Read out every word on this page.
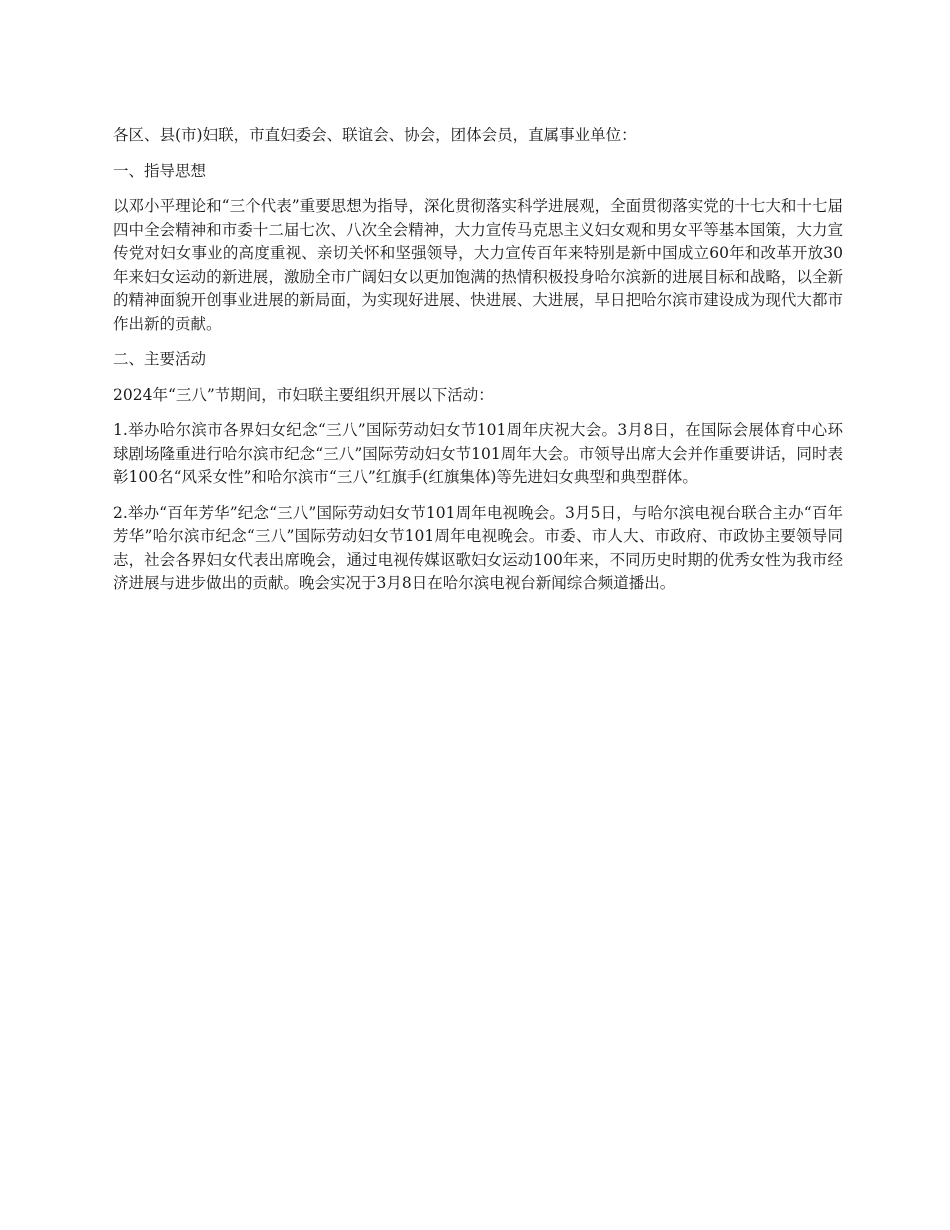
各区、县(市)妇联，市直妇委会、联谊会、协会，团体会员，直属事业单位：

一、指导思想

以邓小平理论和“三个代表”重要思想为指导，深化贯彻落实科学进展观，全面贯彻落实党的十七大和十七届四中全会精神和市委十二届七次、八次全会精神，大力宣传马克思主义妇女观和男女平等基本国策，大力宣传党对妇女事业的高度重视、亲切关怀和坚强领导，大力宣传百年来特别是新中国成立60年和改革开放30年来妇女运动的新进展，激励全市广阔妇女以更加饱满的热情积极投身哈尔滨新的进展目标和战略，以全新的精神面貌开创事业进展的新局面，为实现好进展、快进展、大进展，早日把哈尔滨市建设成为现代大都市作出新的贡献。

二、主要活动

2024年“三八”节期间，市妇联主要组织开展以下活动：

1.举办哈尔滨市各界妇女纪念“三八”国际劳动妇女节101周年庆祝大会。3月8日，在国际会展体育中心环球剧场隆重进行哈尔滨市纪念“三八”国际劳动妇女节101周年大会。市领导出席大会并作重要讲话，同时表彰100名“风采女性”和哈尔滨市“三八”红旗手(红旗集体)等先进妇女典型和典型群体。

2.举办“百年芳华”纪念“三八”国际劳动妇女节101周年电视晚会。3月5日，与哈尔滨电视台联合主办“百年芳华”哈尔滨市纪念“三八”国际劳动妇女节101周年电视晚会。市委、市人大、市政府、市政协主要领导同志，社会各界妇女代表出席晚会，通过电视传媒讴歌妇女运动100年来，不同历史时期的优秀女性为我市经济进展与进步做出的贡献。晚会实况于3月8日在哈尔滨电视台新闻综合频道播出。
